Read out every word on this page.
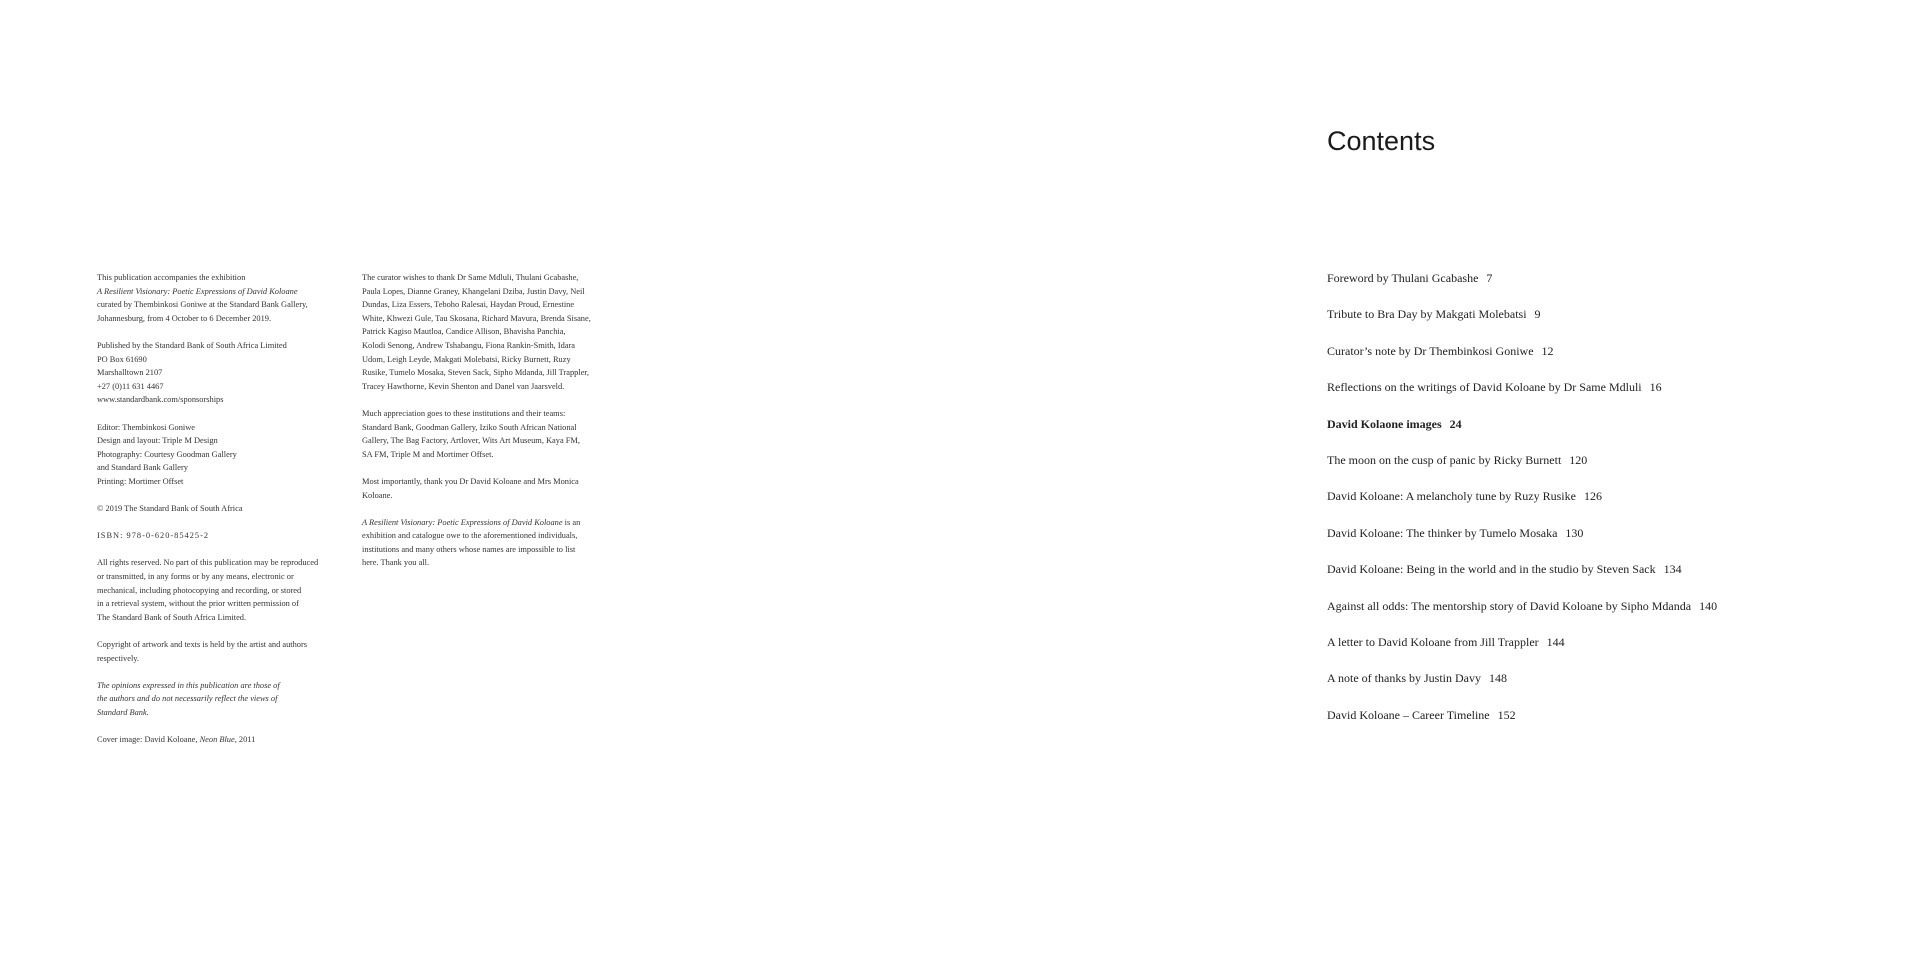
This publication accompanies the exhibition
A Resilient Visionary: Poetic Expressions of David Koloane
curated by Thembinkosi Goniwe at the Standard Bank Gallery,
Johannesburg, from 4 October to 6 December 2019.
Published by the Standard Bank of South Africa Limited
PO Box 61690
Marshalltown 2107
+27 (0)11 631 4467
www.standardbank.com/sponsorships
Editor: Thembinkosi Goniwe
Design and layout: Triple M Design
Photography: Courtesy Goodman Gallery
and Standard Bank Gallery
Printing: Mortimer Offset
© 2019 The Standard Bank of South Africa
ISBN: 978-0-620-85425-2
All rights reserved. No part of this publication may be reproduced
or transmitted, in any forms or by any means, electronic or
mechanical, including photocopying and recording, or stored
in a retrieval system, without the prior written permission of
The Standard Bank of South Africa Limited.
Copyright of artwork and texts is held by the artist and authors
respectively.
The opinions expressed in this publication are those of
the authors and do not necessarily reflect the views of
Standard Bank.
Cover image: David Koloane, Neon Blue, 2011
The curator wishes to thank Dr Same Mdluli, Thulani Gcabashe,
Paula Lopes, Dianne Graney, Khangelani Dziba, Justin Davy, Neil
Dundas, Liza Essers, Teboho Ralesai, Haydan Proud, Ernestine
White, Khwezi Gule, Tau Skosana, Richard Mavura, Brenda Sisane,
Patrick Kagiso Mautloa, Candice Allison, Bhavisha Panchia,
Kolodi Senong, Andrew Tshabangu, Fiona Rankin-Smith, Idara
Udom, Leigh Leyde, Makgati Molebatsi, Ricky Burnett, Ruzy
Rusike, Tumelo Mosaka, Steven Sack, Sipho Mdanda, Jill Trappler,
Tracey Hawthorne, Kevin Shenton and Danel van Jaarsveld.
Much appreciation goes to these institutions and their teams:
Standard Bank, Goodman Gallery, Iziko South African National
Gallery, The Bag Factory, Artlover, Wits Art Museum, Kaya FM,
SA FM, Triple M and Mortimer Offset.
Most importantly, thank you Dr David Koloane and Mrs Monica
Koloane.
A Resilient Visionary: Poetic Expressions of David Koloane is an
exhibition and catalogue owe to the aforementioned individuals,
institutions and many others whose names are impossible to list
here. Thank you all.
Contents
Foreword by Thulani Gcabashe 7
Tribute to Bra Day by Makgati Molebatsi 9
Curator’s note by Dr Thembinkosi Goniwe 12
Reflections on the writings of David Koloane by Dr Same Mdluli 16
David Kolaone images 24
The moon on the cusp of panic by Ricky Burnett 120
David Koloane: A melancholy tune by Ruzy Rusike 126
David Koloane: The thinker by Tumelo Mosaka 130
David Koloane: Being in the world and in the studio by Steven Sack 134
Against all odds: The mentorship story of David Koloane by Sipho Mdanda 140
A letter to David Koloane from Jill Trappler 144
A note of thanks by Justin Davy 148
David Koloane – Career Timeline 152
